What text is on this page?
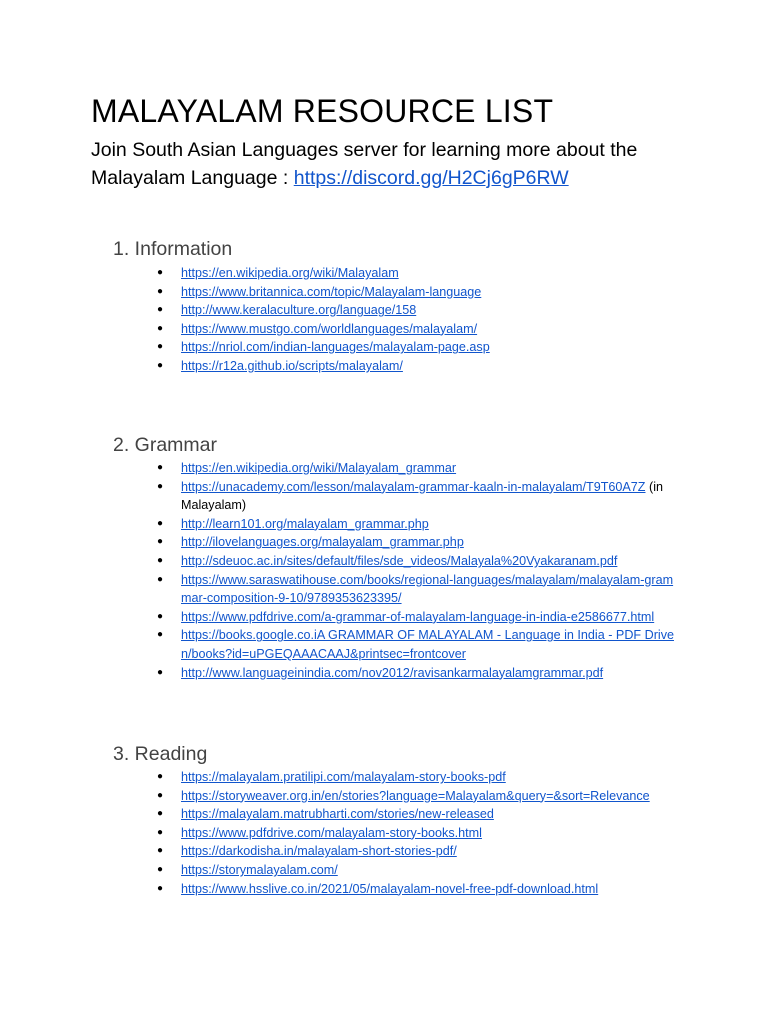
MALAYALAM RESOURCE LIST

Join South Asian Languages server for learning more about the Malayalam Language : https://discord.gg/H2Cj6gP6RW

1. Information
● https://en.wikipedia.org/wiki/Malayalam
● https://www.britannica.com/topic/Malayalam-language
● http://www.keralaculture.org/language/158
● https://www.mustgo.com/worldlanguages/malayalam/
● https://nriol.com/indian-languages/malayalam-page.asp
● https://r12a.github.io/scripts/malayalam/
2. Grammar
● https://en.wikipedia.org/wiki/Malayalam_grammar
● https://unacademy.com/lesson/malayalam-grammar-kaaln-in-malayalam/T9T60A7Z (in Malayalam)
● http://learn101.org/malayalam_grammar.php
● http://ilovelanguages.org/malayalam_grammar.php
● http://sdeuoc.ac.in/sites/default/files/sde_videos/Malayala%20Vyakaranam.pdf
● https://www.saraswatihouse.com/books/regional-languages/malayalam/malayalam-grammar-composition-9-10/9789353623395/
● https://www.pdfdrive.com/a-grammar-of-malayalam-language-in-india-e2586677.html
● https://books.google.co.iA GRAMMAR OF MALAYALAM - Language in India - PDF Driven/books?id=uPGEQAAACAAJ&printsec=frontcover
● http://www.languageinindia.com/nov2012/ravisankarmalayalamgrammar.pdf
3. Reading
● https://malayalam.pratilipi.com/malayalam-story-books-pdf
● https://storyweaver.org.in/en/stories?language=Malayalam&query=&sort=Relevance
● https://malayalam.matrubharti.com/stories/new-released
● https://www.pdfdrive.com/malayalam-story-books.html
● https://darkodisha.in/malayalam-short-stories-pdf/
● https://storymalayalam.com/
● https://www.hsslive.co.in/2021/05/malayalam-novel-free-pdf-download.html
